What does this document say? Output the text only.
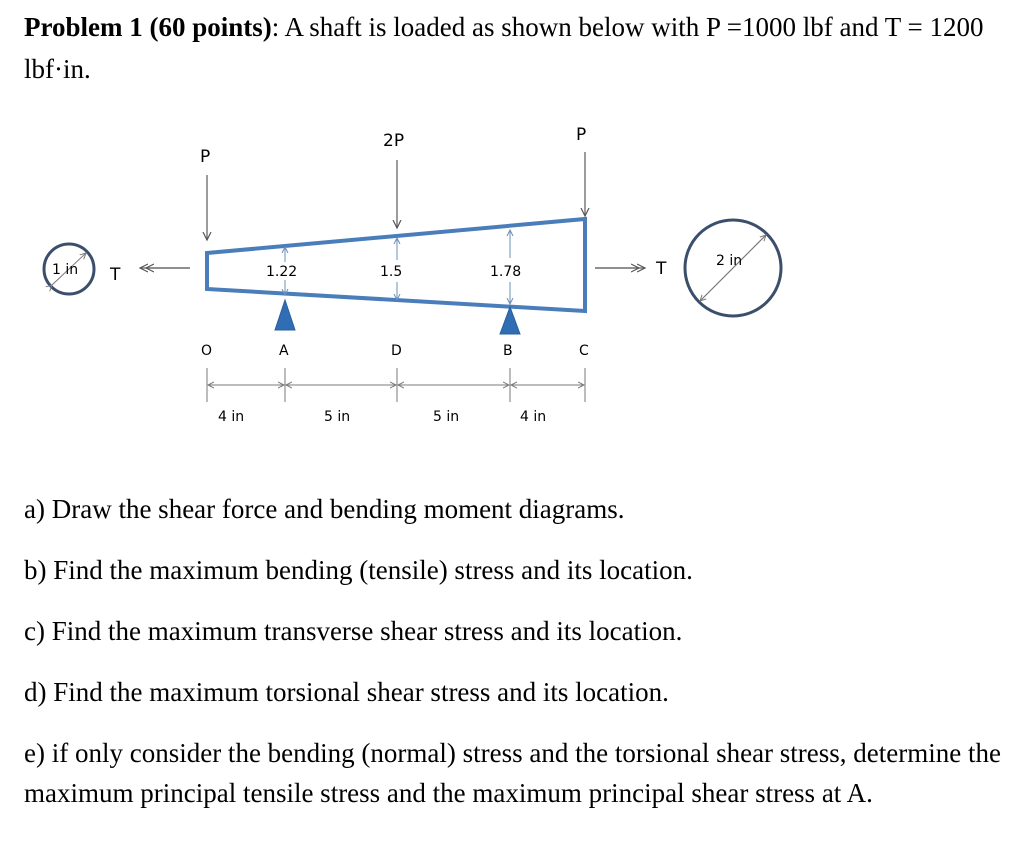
Problem 1 (60 points): A shaft is loaded as shown below with P =1000 lbf and T = 1200 lbf·in.

P
2P	P
1.22	1.5	1.78
T	T
1 in
2 in
O	A	D	B	C
4 in	5 in	5 in	4 in

a) Draw the shear force and bending moment diagrams.

b) Find the maximum bending (tensile) stress and its location.

c) Find the maximum transverse shear stress and its location.

d) Find the maximum torsional shear stress and its location.

e) if only consider the bending (normal) stress and the torsional shear stress, determine the maximum principal tensile stress and the maximum principal shear stress at A.
